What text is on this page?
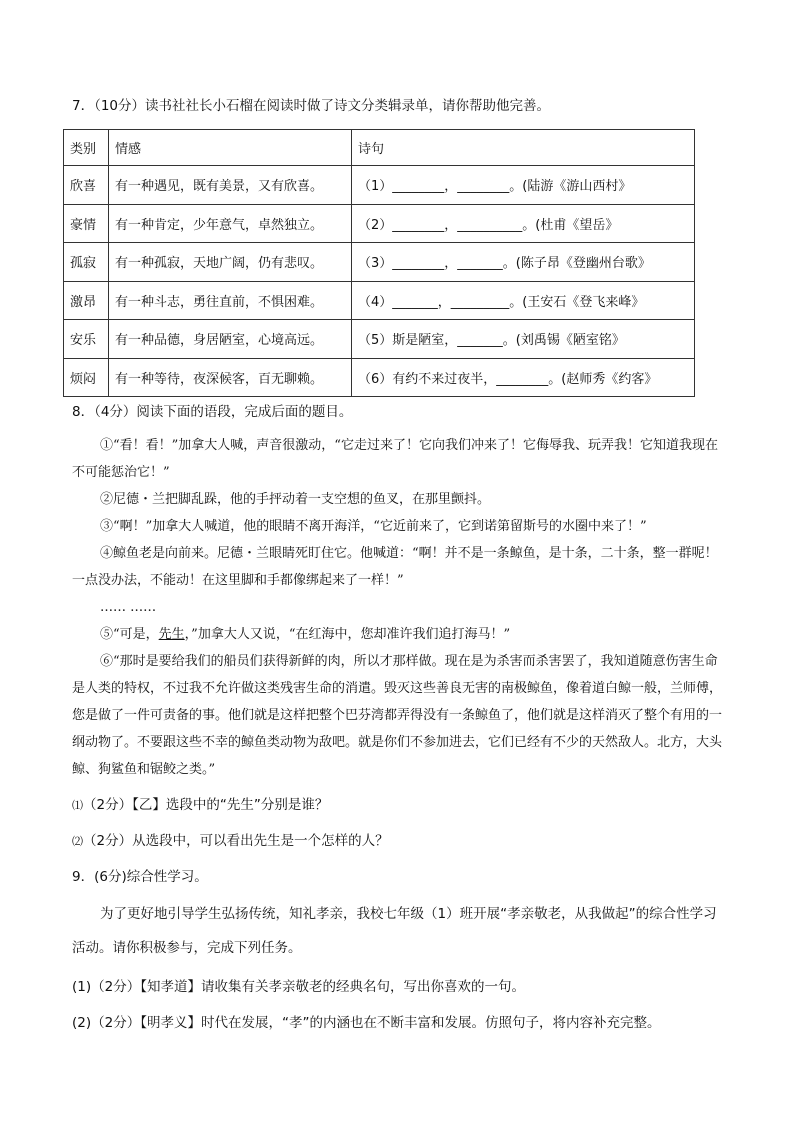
7．（10分）读书社社长小石榴在阅读时做了诗文分类辑录单，请你帮助他完善。
类别	情感	诗句
欣喜	有一种遇见，既有美景，又有欣喜。	（1）________，________。(陆游《游山西村》
豪情	有一种肯定，少年意气，卓然独立。	（2）________，__________。(杜甫《望岳》
孤寂	有一种孤寂，天地广阔，仍有悲叹。	（3）________，_______。(陈子昂《登幽州台歌》
激昂	有一种斗志，勇往直前，不惧困难。	（4）_______，_________。(王安石《登飞来峰》
安乐	有一种品德，身居陋室，心境高远。	（5）斯是陋室，_______。(刘禹锡《陋室铭》
烦闷	有一种等待，夜深候客，百无聊赖。	（6）有约不来过夜半，________。(赵师秀《约客》
8．（4分）阅读下面的语段，完成后面的题目。

①“看！看！”加拿大人喊，声音很激动，“它走过来了！它向我们冲来了！它侮辱我、玩弄我！它知道我现在不可能惩治它！”

②尼德・兰把脚乱跺，他的手抨动着一支空想的鱼叉，在那里颤抖。

③“啊！”加拿大人喊道，他的眼睛不离开海洋，“它近前来了，它到诺第留斯号的水圈中来了！”

④鲸鱼老是向前来。尼德・兰眼睛死盯住它。他喊道：“啊！并不是一条鲸鱼，是十条，二十条，整一群呢！一点没办法，不能动！在这里脚和手都像绑起来了一样！”

…… ……

⑤“可是，先生，”加拿大人又说，“在红海中，您却准许我们追打海马！”

⑥“那时是要给我们的船员们获得新鲜的肉，所以才那样做。现在是为杀害而杀害罢了，我知道随意伤害生命是人类的特权，不过我不允许做这类残害生命的消遣。毁灭这些善良无害的南极鲸鱼，像着道白鲸一般，兰师傅，您是做了一件可责备的事。他们就是这样把整个巴芬湾都弄得没有一条鲸鱼了，他们就是这样消灭了整个有用的一纲动物了。不要跟这些不幸的鲸鱼类动物为敌吧。就是你们不参加进去，它们已经有不少的天然敌人。北方，大头鲸、狗鲨鱼和锯鲛之类。”

⑴（2分）【乙】选段中的“先生”分别是谁？
⑵（2分）从选段中，可以看出先生是一个怎样的人？
9．(6分)综合性学习。
为了更好地引导学生弘扬传统，知礼孝亲，我校七年级（1）班开展“孝亲敬老，从我做起”的综合性学习活动。请你积极参与，完成下列任务。
(1)（2分）【知孝道】请收集有关孝亲敬老的经典名句，写出你喜欢的一句。
(2)（2分）【明孝义】时代在发展，“孝”的内涵也在不断丰富和发展。仿照句子，将内容补充完整。
